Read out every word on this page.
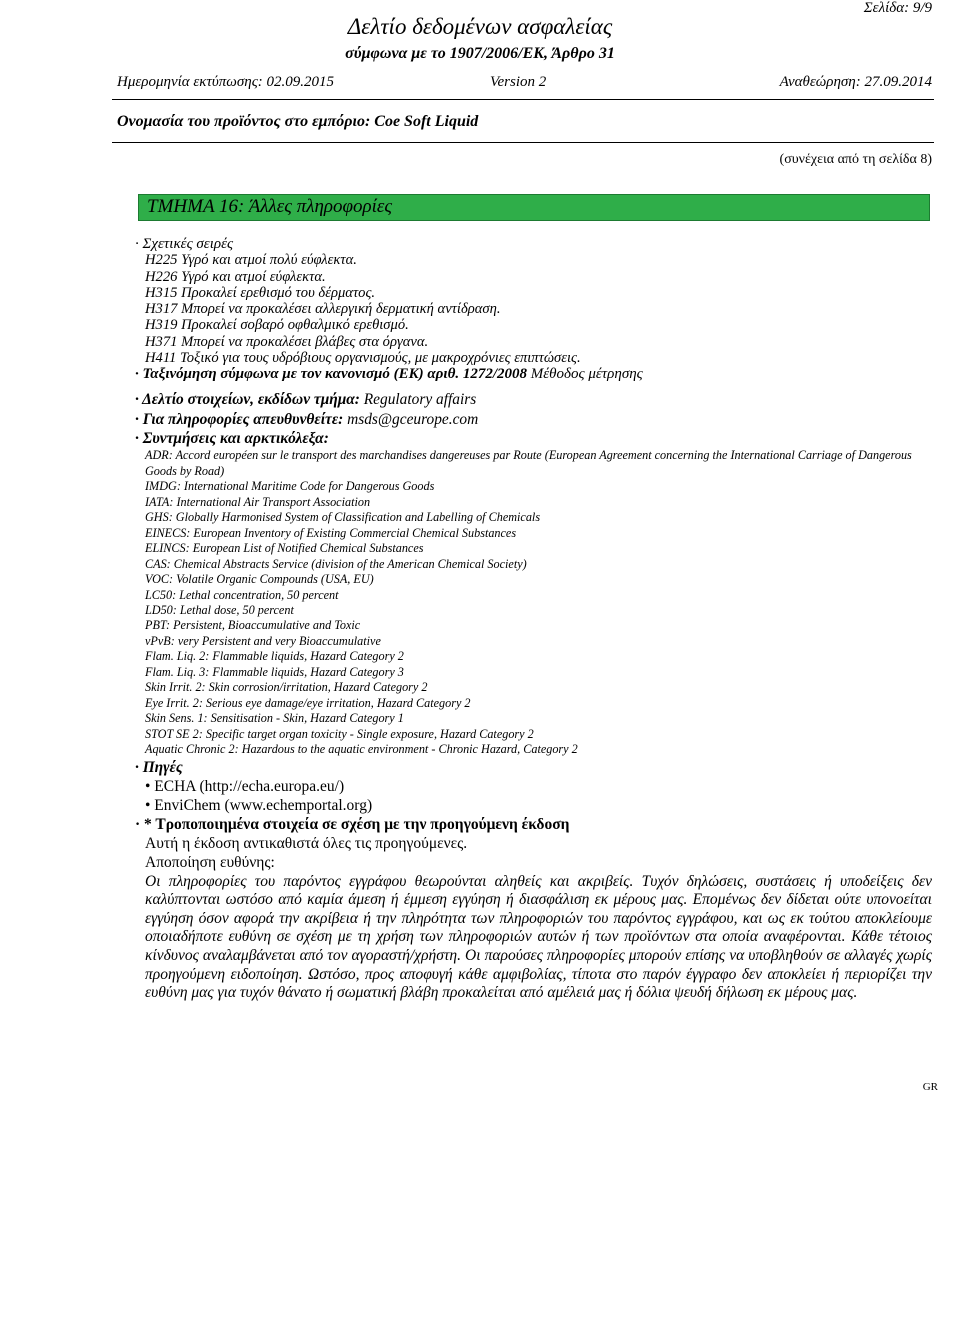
Σελίδα: 9/9
Δελτίο δεδομένων ασφαλείας
σύμφωνα με το 1907/2006/ΕΚ, Άρθρο 31
Ημερομηνία εκτύπωσης: 02.09.2015	Version 2	Αναθεώρηση: 27.09.2014
Ονομασία του προϊόντος στο εμπόριο: Coe Soft Liquid
(συνέχεια από τη σελίδα 8)
ΤΜΗΜΑ 16: Άλλες πληροφορίες
· Σχετικές σειρές
H225 Υγρό και ατμοί πολύ εύφλεκτα.
H226 Υγρό και ατμοί εύφλεκτα.
H315 Προκαλεί ερεθισμό του δέρματος.
H317 Μπορεί να προκαλέσει αλλεργική δερματική αντίδραση.
H319 Προκαλεί σοβαρό οφθαλμικό ερεθισμό.
H371 Μπορεί να προκαλέσει βλάβες στα όργανα.
H411 Τοξικό για τους υδρόβιους οργανισμούς, με μακροχρόνιες επιπτώσεις.
· Ταξινόμηση σύμφωνα με τον κανονισμό (ΕΚ) αριθ. 1272/2008 Μέθοδος μέτρησης
· Δελτίο στοιχείων, εκδίδων τμήμα: Regulatory affairs
· Για πληροφορίες απευθυνθείτε: msds@gceurope.com
· Συντμήσεις και αρκτικόλεξα:
ADR: Accord européen sur le transport des marchandises dangereuses par Route (European Agreement concerning the International Carriage of Dangerous Goods by Road)
IMDG: International Maritime Code for Dangerous Goods
IATA: International Air Transport Association
GHS: Globally Harmonised System of Classification and Labelling of Chemicals
EINECS: European Inventory of Existing Commercial Chemical Substances
ELINCS: European List of Notified Chemical Substances
CAS: Chemical Abstracts Service (division of the American Chemical Society)
VOC: Volatile Organic Compounds (USA, EU)
LC50: Lethal concentration, 50 percent
LD50: Lethal dose, 50 percent
PBT: Persistent, Bioaccumulative and Toxic
vPvB: very Persistent and very Bioaccumulative
Flam. Liq. 2: Flammable liquids, Hazard Category 2
Flam. Liq. 3: Flammable liquids, Hazard Category 3
Skin Irrit. 2: Skin corrosion/irritation, Hazard Category 2
Eye Irrit. 2: Serious eye damage/eye irritation, Hazard Category 2
Skin Sens. 1: Sensitisation - Skin, Hazard Category 1
STOT SE 2: Specific target organ toxicity - Single exposure, Hazard Category 2
Aquatic Chronic 2: Hazardous to the aquatic environment - Chronic Hazard, Category 2
· Πηγές
• ECHA (http://echa.europa.eu/)
• EnviChem (www.echemportal.org)
· * Τροποποιημένα στοιχεία σε σχέση με την προηγούμενη έκδοση
Αυτή η έκδοση αντικαθιστά όλες τις προηγούμενες.
Αποποίηση ευθύνης:
Οι πληροφορίες του παρόντος εγγράφου θεωρούνται αληθείς και ακριβείς. Τυχόν δηλώσεις, συστάσεις ή υποδείξεις δεν καλύπτονται ωστόσο από καμία άμεση ή έμμεση εγγύηση ή διασφάλιση εκ μέρους μας. Επομένως δεν δίδεται ούτε υπονοείται εγγύηση όσον αφορά την ακρίβεια ή την πληρότητα των πληροφοριών του παρόντος εγγράφου, και ως εκ τούτου αποκλείουμε οποιαδήποτε ευθύνη σε σχέση με τη χρήση των πληροφοριών αυτών ή των προϊόντων στα οποία αναφέρονται. Κάθε τέτοιος κίνδυνος αναλαμβάνεται από τον αγοραστή/χρήστη. Οι παρούσες πληροφορίες μπορούν επίσης να υποβληθούν σε αλλαγές χωρίς προηγούμενη ειδοποίηση. Ωστόσο, προς αποφυγή κάθε αμφιβολίας, τίποτα στο παρόν έγγραφο δεν αποκλείει ή περιορίζει την ευθύνη μας για τυχόν θάνατο ή σωματική βλάβη προκαλείται από αμέλειά μας ή δόλια ψευδή δήλωση εκ μέρους μας.
GR
